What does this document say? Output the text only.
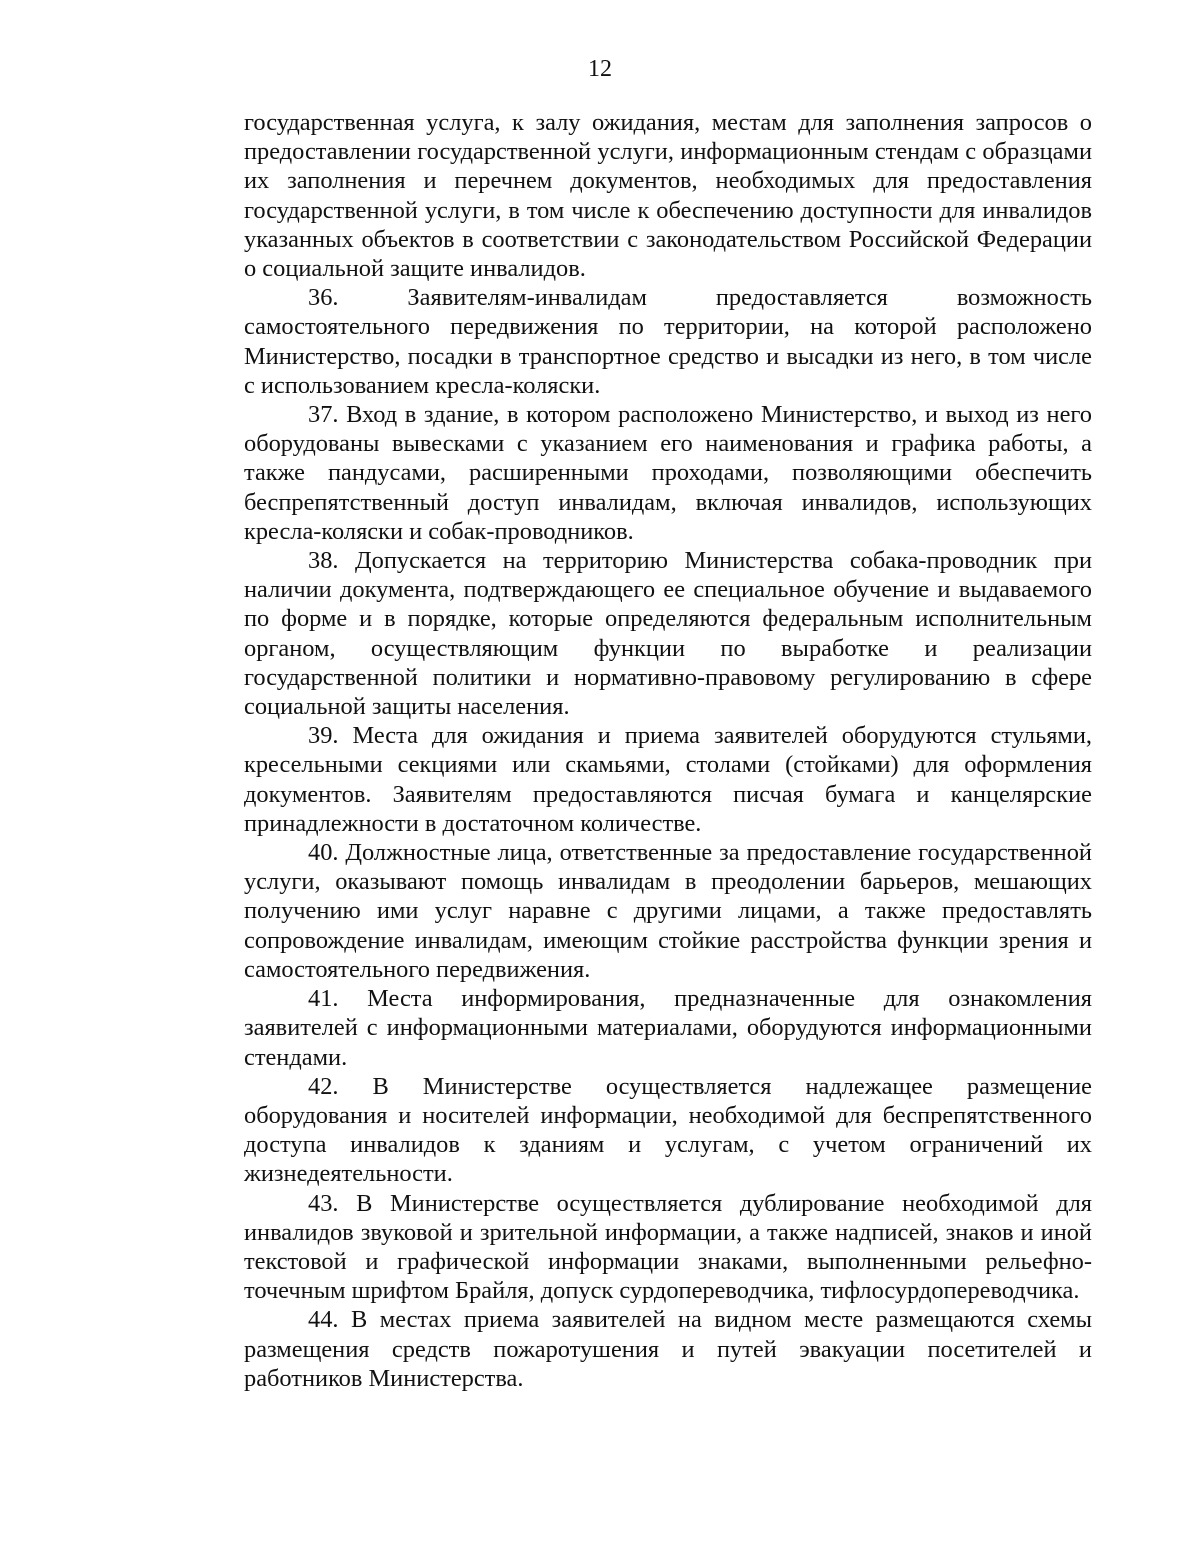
12

государственная услуга, к залу ожидания, местам для заполнения запросов о предоставлении государственной услуги, информационным стендам с образцами их заполнения и перечнем документов, необходимых для предоставления государственной услуги, в том числе к обеспечению доступности для инвалидов указанных объектов в соответствии с законодательством Российской Федерации о социальной защите инвалидов.

36. Заявителям-инвалидам предоставляется возможность самостоятельного передвижения по территории, на которой расположено Министерство, посадки в транспортное средство и высадки из него, в том числе с использованием кресла-коляски.

37. Вход в здание, в котором расположено Министерство, и выход из него оборудованы вывесками с указанием его наименования и графика работы, а также пандусами, расширенными проходами, позволяющими обеспечить беспрепятственный доступ инвалидам, включая инвалидов, использующих кресла-коляски и собак-проводников.

38. Допускается на территорию Министерства собака-проводник при наличии документа, подтверждающего ее специальное обучение и выдаваемого по форме и в порядке, которые определяются федеральным исполнительным органом, осуществляющим функции по выработке и реализации государственной политики и нормативно-правовому регулированию в сфере социальной защиты населения.

39. Места для ожидания и приема заявителей оборудуются стульями, кресельными секциями или скамьями, столами (стойками) для оформления документов. Заявителям предоставляются писчая бумага и канцелярские принадлежности в достаточном количестве.

40. Должностные лица, ответственные за предоставление государственной услуги, оказывают помощь инвалидам в преодолении барьеров, мешающих получению ими услуг наравне с другими лицами, а также предоставлять сопровождение инвалидам, имеющим стойкие расстройства функции зрения и самостоятельного передвижения.

41. Места информирования, предназначенные для ознакомления заявителей с информационными материалами, оборудуются информационными стендами.

42. В Министерстве осуществляется надлежащее размещение оборудования и носителей информации, необходимой для беспрепятственного доступа инвалидов к зданиям и услугам, с учетом ограничений их жизнедеятельности.

43. В Министерстве осуществляется дублирование необходимой для инвалидов звуковой и зрительной информации, а также надписей, знаков и иной текстовой и графической информации знаками, выполненными рельефно-точечным шрифтом Брайля, допуск сурдопереводчика, тифлосурдопереводчика.

44. В местах приема заявителей на видном месте размещаются схемы размещения средств пожаротушения и путей эвакуации посетителей и работников Министерства.
